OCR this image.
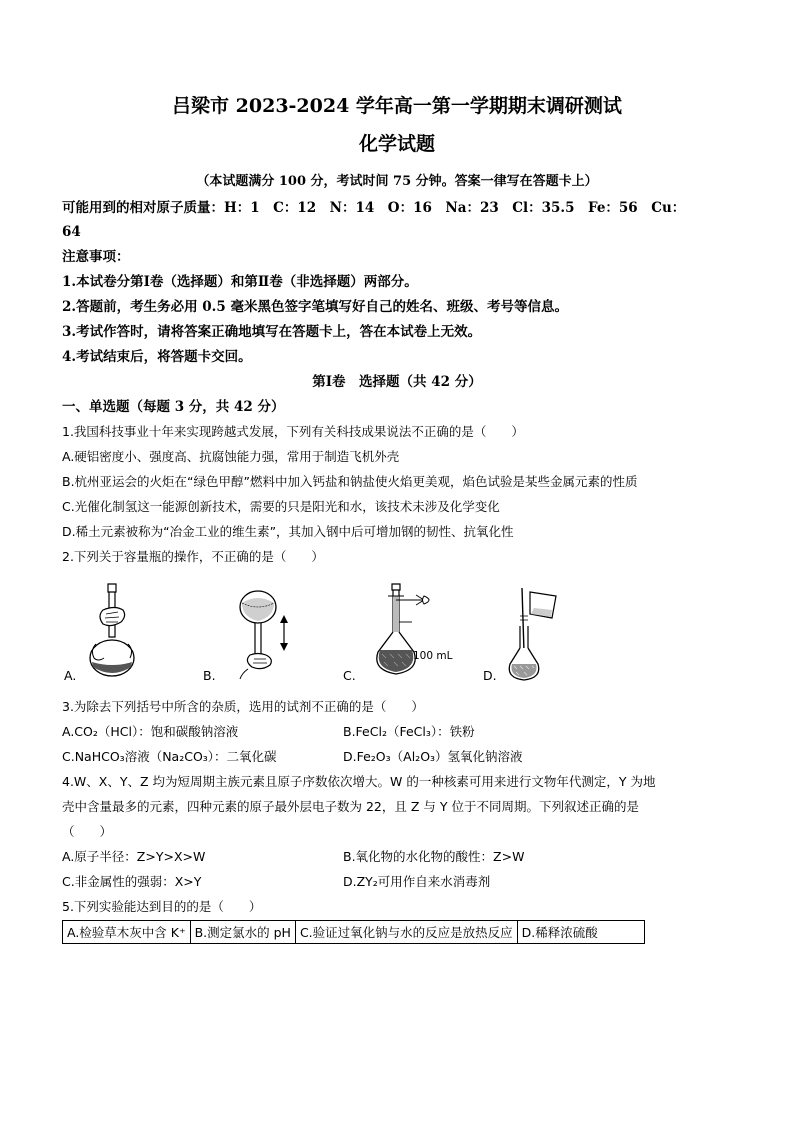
吕梁市 2023-2024 学年高一第一学期期末调研测试
化学试题
（本试题满分 100 分，考试时间 75 分钟。答案一律写在答题卡上）
可能用到的相对原子质量：H：1　C：12　N：14　O：16　Na：23　Cl：35.5　Fe：56　Cu：
64
注意事项：
1.本试卷分第Ⅰ卷（选择题）和第Ⅱ卷（非选择题）两部分。
2.答题前，考生务必用 0.5 毫米黑色签字笔填写好自己的姓名、班级、考号等信息。
3.考试作答时，请将答案正确地填写在答题卡上，答在本试卷上无效。
4.考试结束后，将答题卡交回。
第Ⅰ卷　选择题（共 42 分）
一、单选题（每题 3 分，共 42 分）
1.我国科技事业十年来实现跨越式发展，下列有关科技成果说法不正确的是（　　）
A.硬铝密度小、强度高、抗腐蚀能力强，常用于制造飞机外壳
B.杭州亚运会的火炬在“绿色甲醇”燃料中加入钙盐和钠盐使火焰更美观，焰色试验是某些金属元素的性质
C.光催化制氢这一能源创新技术，需要的只是阳光和水，该技术未涉及化学变化
D.稀土元素被称为“冶金工业的维生素”，其加入钢中后可增加钢的韧性、抗氧化性
2.下列关于容量瓶的操作，不正确的是（　　）
A.	B.
100 mL
C.	D.
3.为除去下列括号中所含的杂质，选用的试剂不正确的是（　　）
A.CO₂（HCl）：饱和碳酸钠溶液	B.FeCl₂（FeCl₃）：铁粉
C.NaHCO₃溶液（Na₂CO₃）：二氧化碳	D.Fe₂O₃（Al₂O₃）氢氧化钠溶液
4.W、X、Y、Z 均为短周期主族元素且原子序数依次增大。W 的一种核素可用来进行文物年代测定，Y 为地
壳中含量最多的元素，四种元素的原子最外层电子数为 22，且 Z 与 Y 位于不同周期。下列叙述正确的是
（　　）
A.原子半径：Z>Y>X>W	B.氧化物的水化物的酸性：Z>W
C.非金属性的强弱：X>Y	D.ZY₂可用作自来水消毒剂
5.下列实验能达到目的的是（　　）
A.检验草木灰中含 K⁺	B.测定氯水的 pH	C.验证过氧化钠与水的反应是放热反应	D.稀释浓硫酸
